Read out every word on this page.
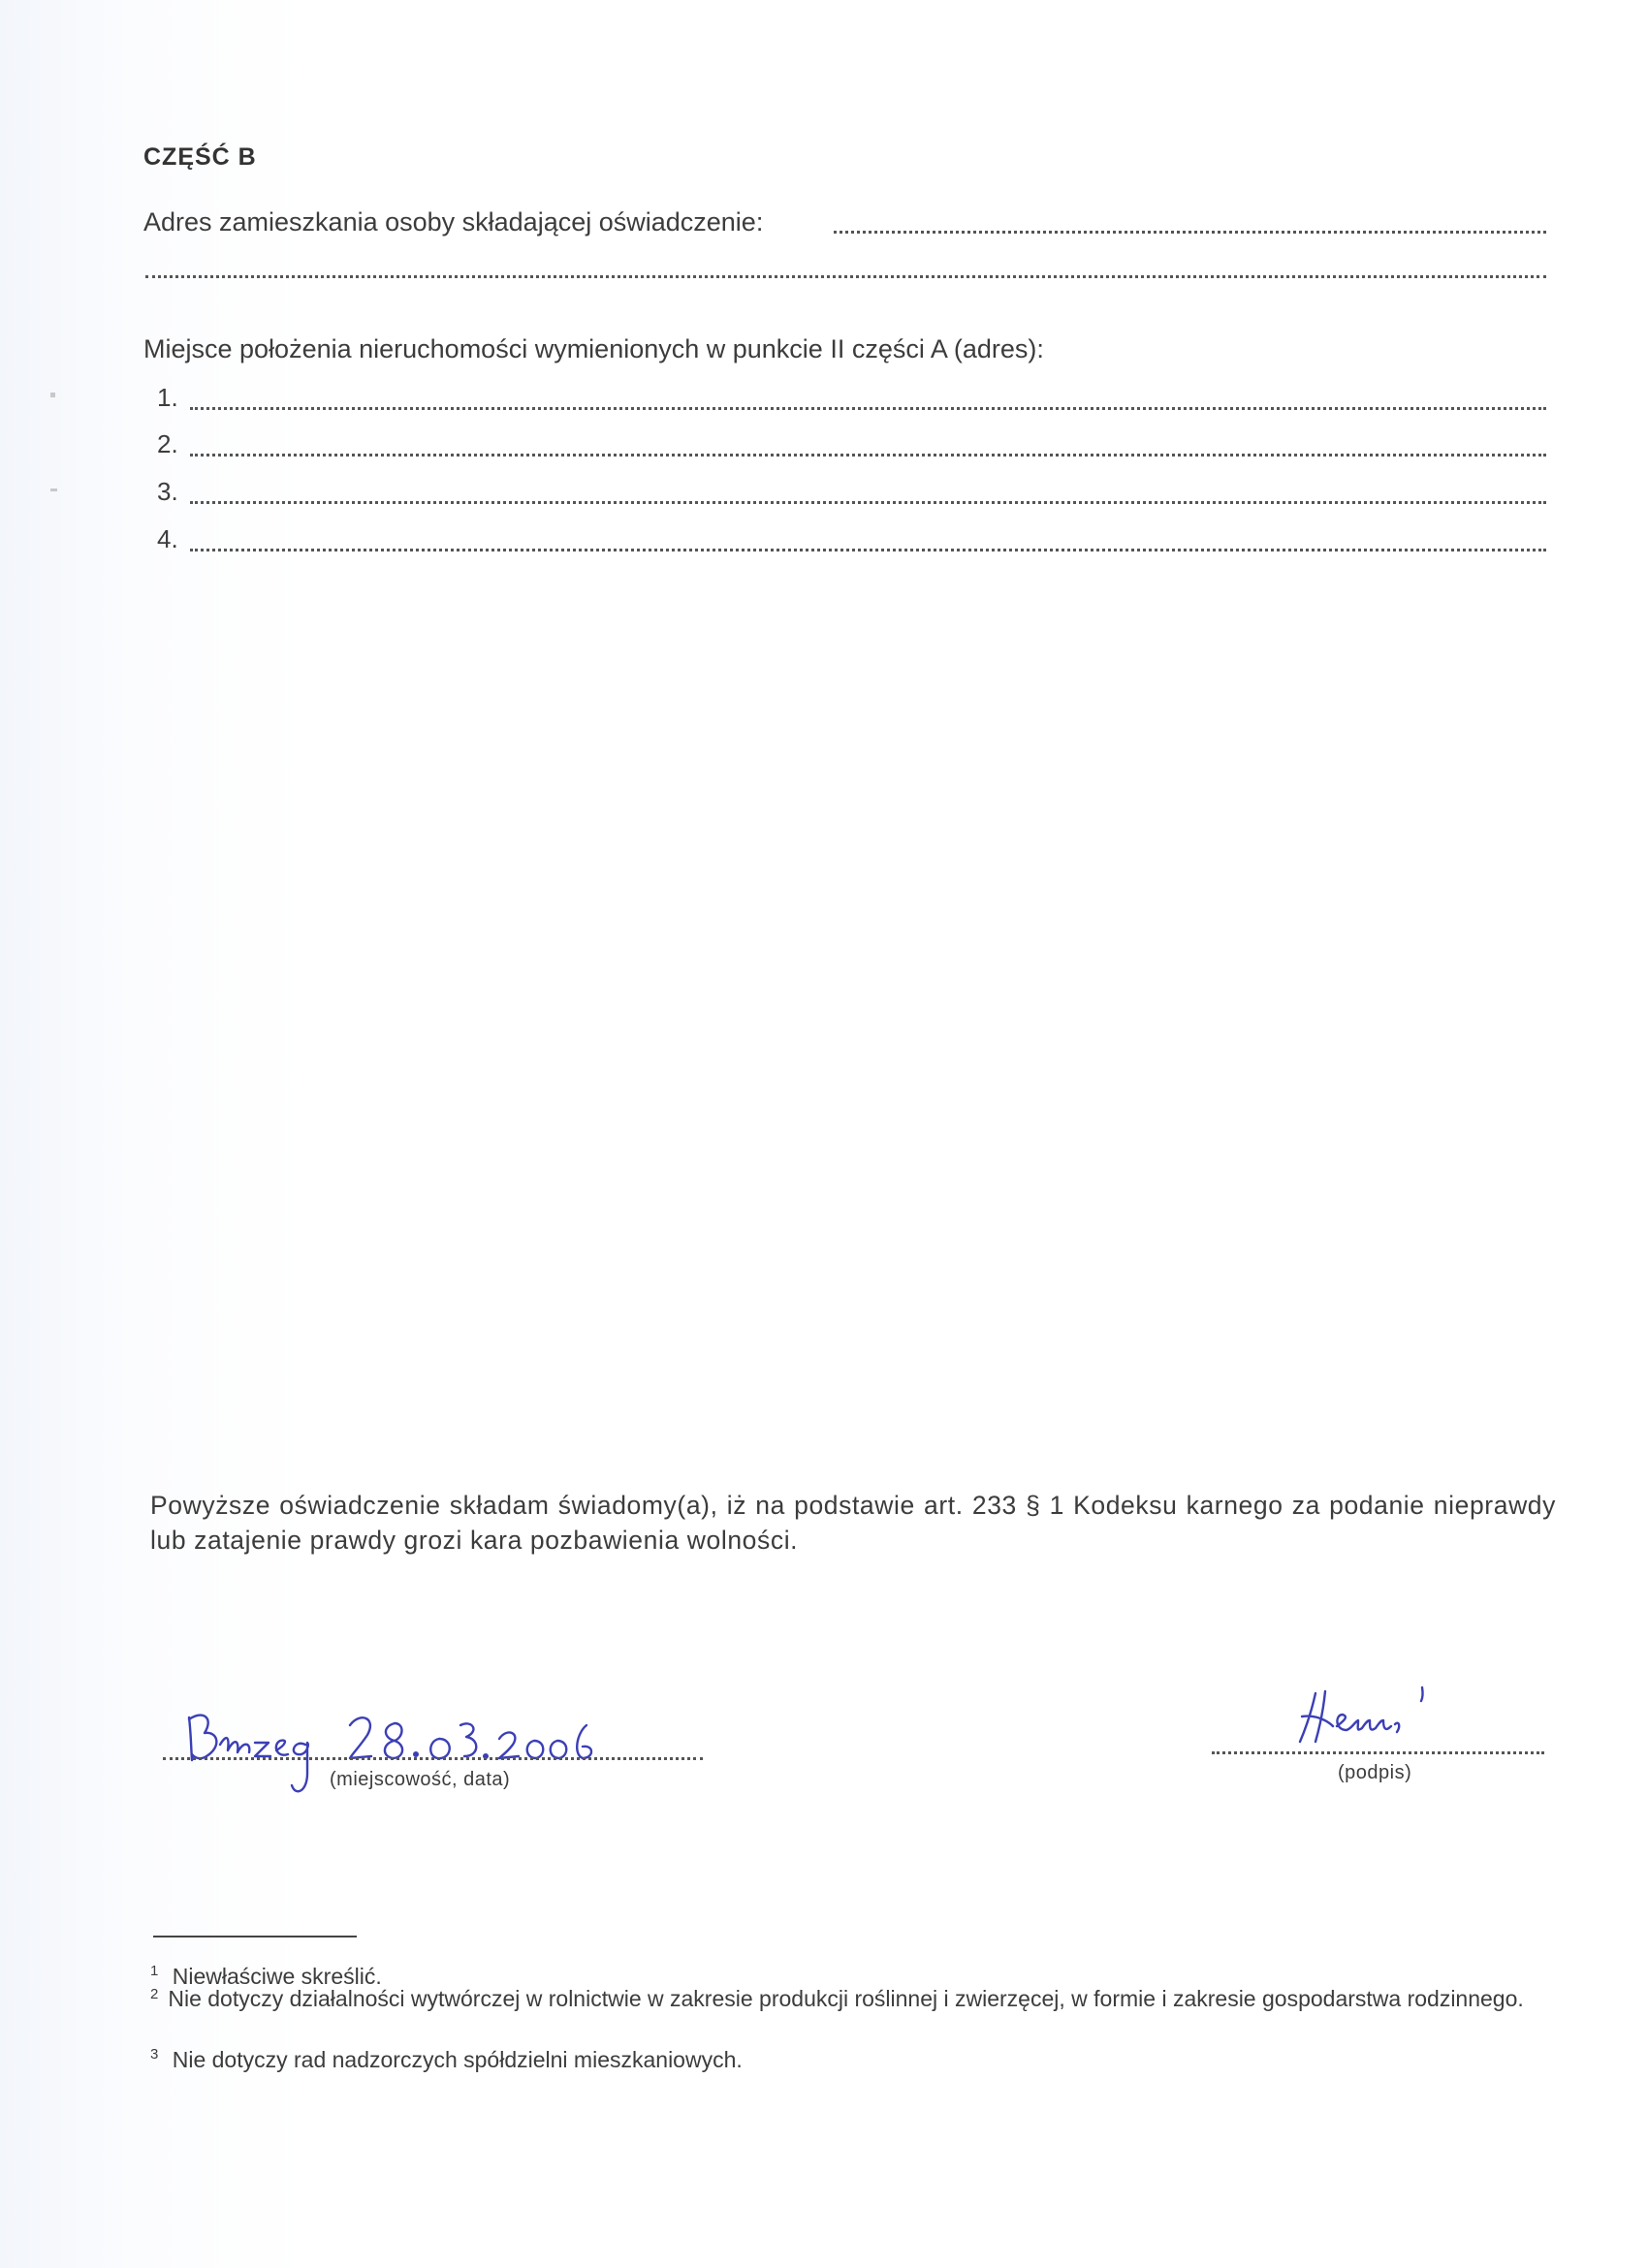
CZĘŚĆ B
Adres zamieszkania osoby składającej oświadczenie:
Miejsce położenia nieruchomości wymienionych w punkcie II części A (adres):
1.
2.
3.
4.
Powyższe oświadczenie składam świadomy(a), iż na podstawie art. 233 § 1 Kodeksu karnego za podanie nieprawdy lub zatajenie prawdy grozi kara pozbawienia wolności.
(miejscowość, data)	(podpis)
$^1$ Niewłaściwe skreślić.
2 Nie dotyczy działalności wytwórczej w rolnictwie w zakresie produkcji roślinnej i zwierzęcej, w formie i zakresie gospodarstwa rodzinnego.
$^3$ Nie dotyczy rad nadzorczych spółdzielni mieszkaniowych.
